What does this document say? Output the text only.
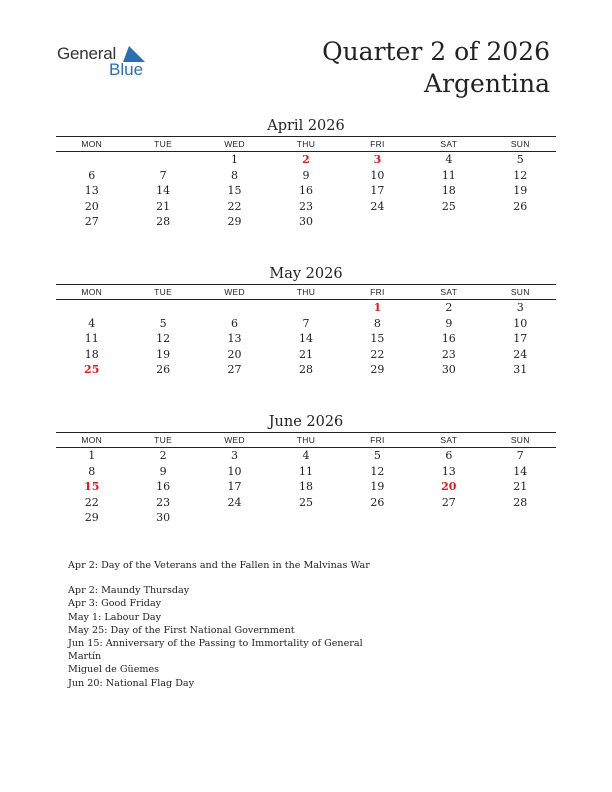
General
Blue
Quarter 2 of 2026
Argentina
April 2026
MON	TUE	WED	THU	FRI	SAT	SUN
		1	2	3	4	5
6	7	8	9	10	11	12
13	14	15	16	17	18	19
20	21	22	23	24	25	26
27	28	29	30			
May 2026
MON	TUE	WED	THU	FRI	SAT	SUN
				1	2	3
4	5	6	7	8	9	10
11	12	13	14	15	16	17
18	19	20	21	22	23	24
25	26	27	28	29	30	31
June 2026
MON	TUE	WED	THU	FRI	SAT	SUN
1	2	3	4	5	6	7
8	9	10	11	12	13	14
15	16	17	18	19	20	21
22	23	24	25	26	27	28
29	30					

Apr 2: Day of the Veterans and the Fallen in the Malvinas War

Apr 2: Maundy Thursday

Apr 3: Good Friday

May 1: Labour Day

May 25: Day of the First National Government

Jun 15: Anniversary of the Passing to Immortality of General Martín

Miguel de Güemes

Jun 20: National Flag Day
